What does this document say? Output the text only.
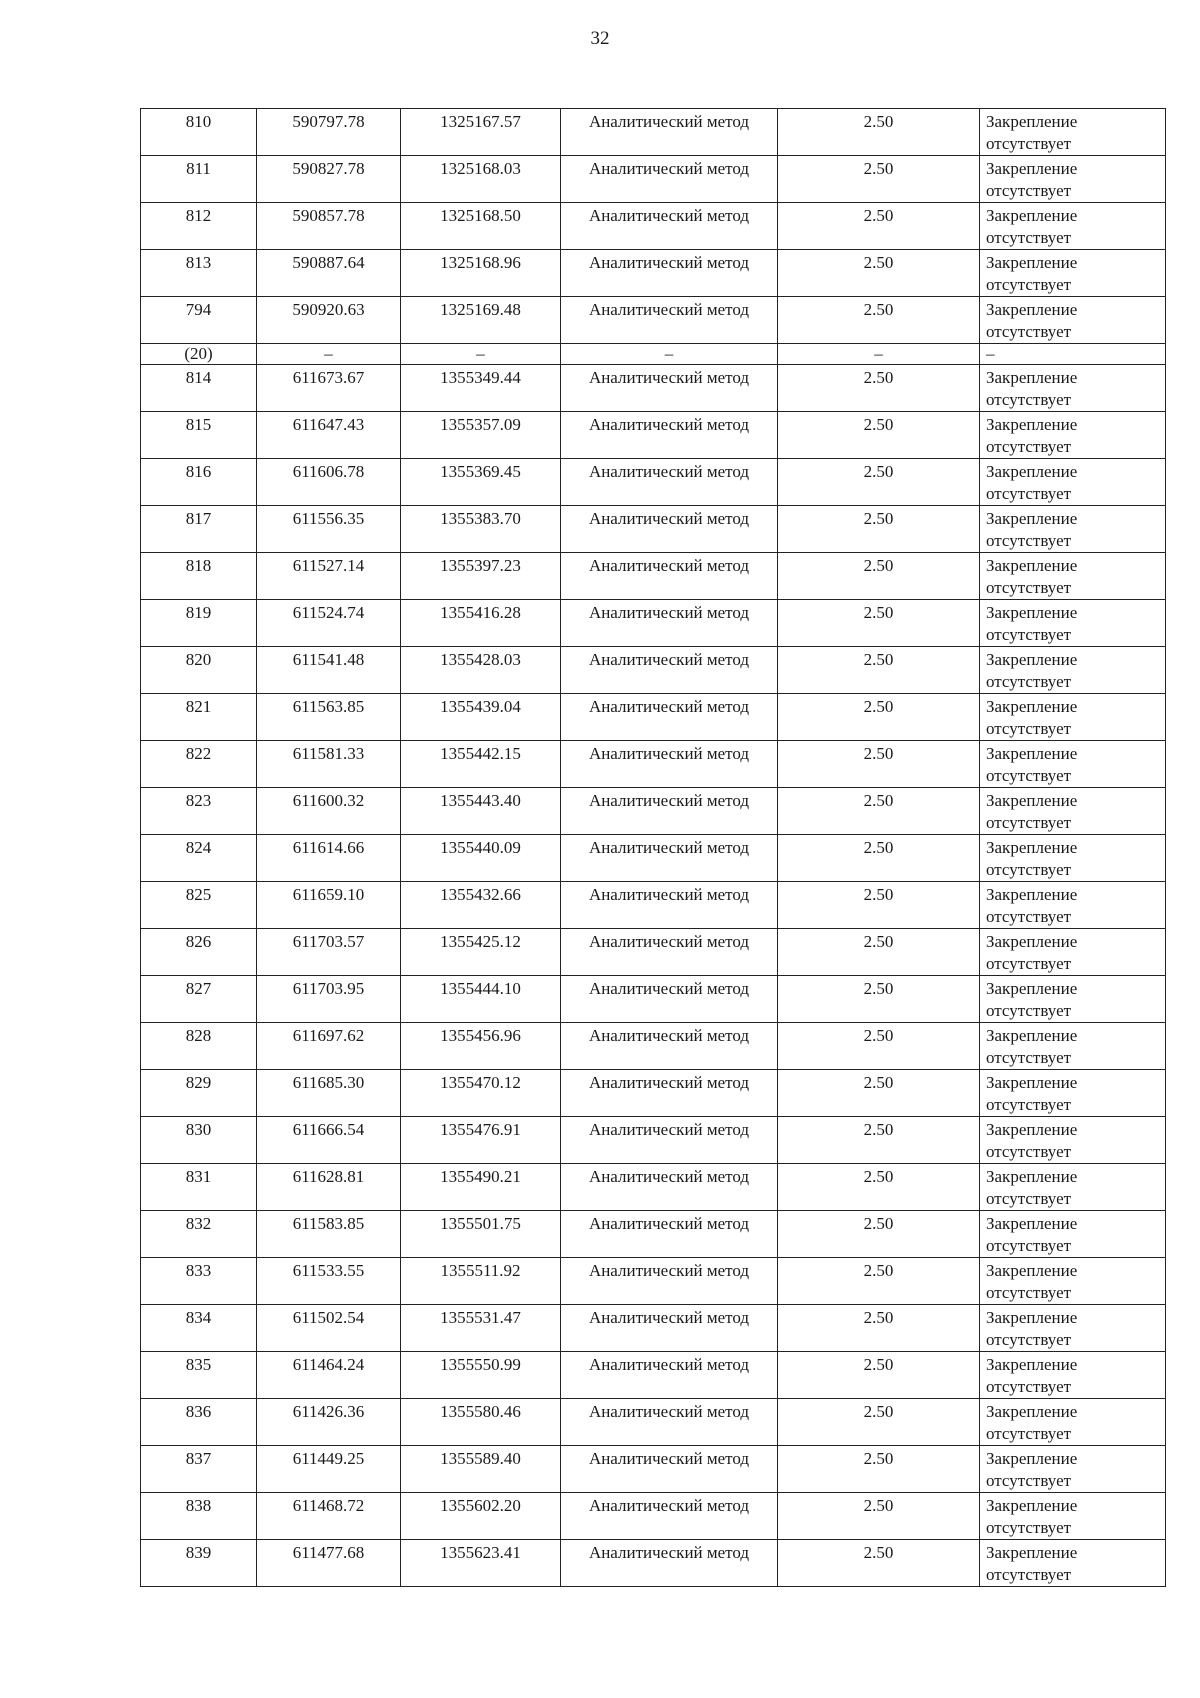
32
810	590797.78	1325167.57	Аналитический метод	2.50	Закрепление отсутствует
811	590827.78	1325168.03	Аналитический метод	2.50	Закрепление отсутствует
812	590857.78	1325168.50	Аналитический метод	2.50	Закрепление отсутствует
813	590887.64	1325168.96	Аналитический метод	2.50	Закрепление отсутствует
794	590920.63	1325169.48	Аналитический метод	2.50	Закрепление отсутствует
(20)	–	–	–	–	–
814	611673.67	1355349.44	Аналитический метод	2.50	Закрепление отсутствует
815	611647.43	1355357.09	Аналитический метод	2.50	Закрепление отсутствует
816	611606.78	1355369.45	Аналитический метод	2.50	Закрепление отсутствует
817	611556.35	1355383.70	Аналитический метод	2.50	Закрепление отсутствует
818	611527.14	1355397.23	Аналитический метод	2.50	Закрепление отсутствует
819	611524.74	1355416.28	Аналитический метод	2.50	Закрепление отсутствует
820	611541.48	1355428.03	Аналитический метод	2.50	Закрепление отсутствует
821	611563.85	1355439.04	Аналитический метод	2.50	Закрепление отсутствует
822	611581.33	1355442.15	Аналитический метод	2.50	Закрепление отсутствует
823	611600.32	1355443.40	Аналитический метод	2.50	Закрепление отсутствует
824	611614.66	1355440.09	Аналитический метод	2.50	Закрепление отсутствует
825	611659.10	1355432.66	Аналитический метод	2.50	Закрепление отсутствует
826	611703.57	1355425.12	Аналитический метод	2.50	Закрепление отсутствует
827	611703.95	1355444.10	Аналитический метод	2.50	Закрепление отсутствует
828	611697.62	1355456.96	Аналитический метод	2.50	Закрепление отсутствует
829	611685.30	1355470.12	Аналитический метод	2.50	Закрепление отсутствует
830	611666.54	1355476.91	Аналитический метод	2.50	Закрепление отсутствует
831	611628.81	1355490.21	Аналитический метод	2.50	Закрепление отсутствует
832	611583.85	1355501.75	Аналитический метод	2.50	Закрепление отсутствует
833	611533.55	1355511.92	Аналитический метод	2.50	Закрепление отсутствует
834	611502.54	1355531.47	Аналитический метод	2.50	Закрепление отсутствует
835	611464.24	1355550.99	Аналитический метод	2.50	Закрепление отсутствует
836	611426.36	1355580.46	Аналитический метод	2.50	Закрепление отсутствует
837	611449.25	1355589.40	Аналитический метод	2.50	Закрепление отсутствует
838	611468.72	1355602.20	Аналитический метод	2.50	Закрепление отсутствует
839	611477.68	1355623.41	Аналитический метод	2.50	Закрепление отсутствует
